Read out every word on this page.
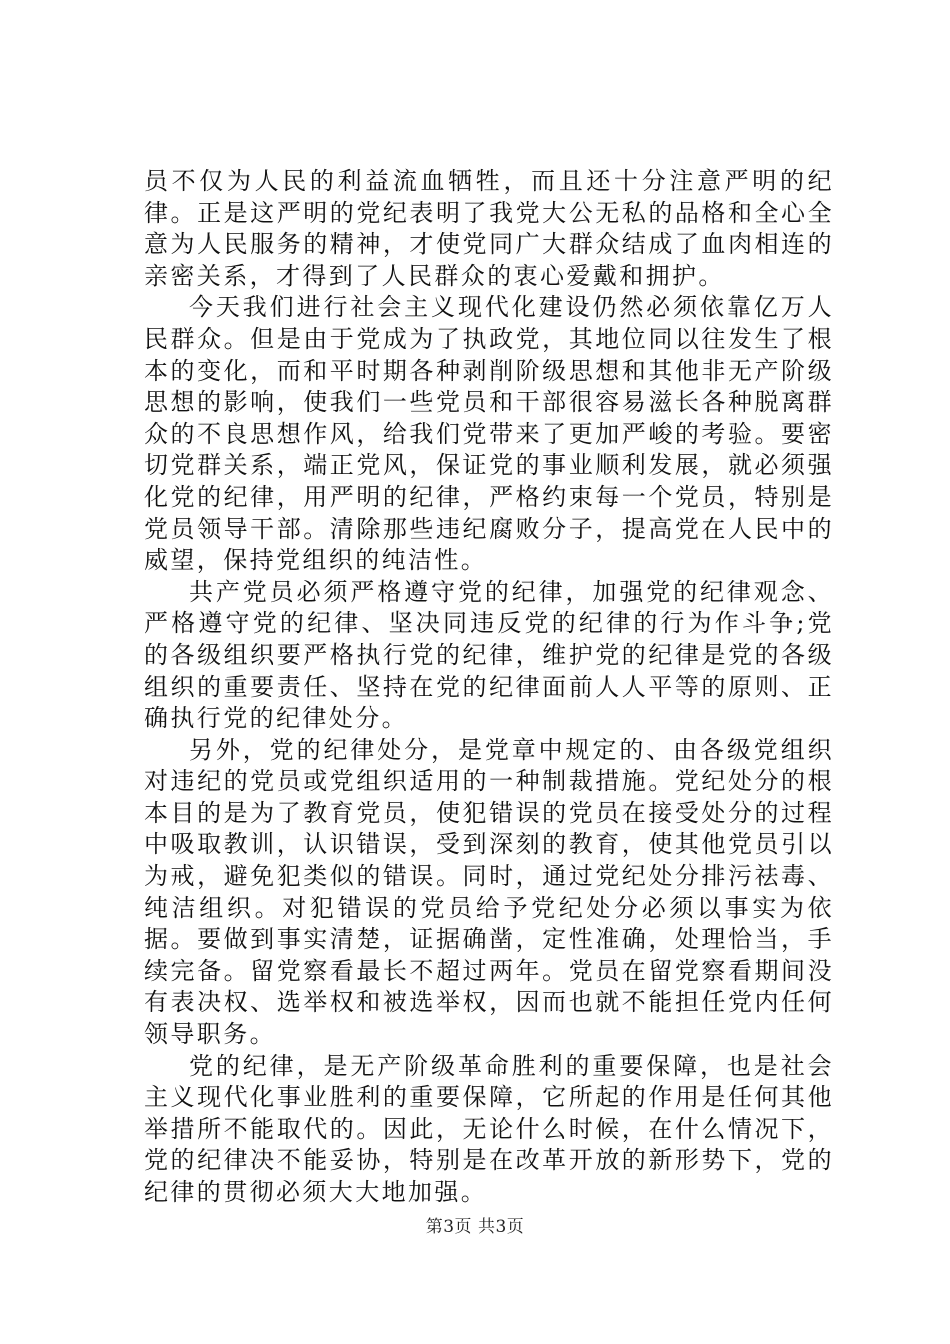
员不仅为人民的利益流血牺牲，而且还十分注意严明的纪律。正是这严明的党纪表明了我党大公无私的品格和全心全意为人民服务的精神，才使党同广大群众结成了血肉相连的亲密关系，才得到了人民群众的衷心爱戴和拥护。

今天我们进行社会主义现代化建设仍然必须依靠亿万人民群众。但是由于党成为了执政党，其地位同以往发生了根本的变化，而和平时期各种剥削阶级思想和其他非无产阶级思想的影响，使我们一些党员和干部很容易滋长各种脱离群众的不良思想作风，给我们党带来了更加严峻的考验。要密切党群关系，端正党风，保证党的事业顺利发展，就必须强化党的纪律，用严明的纪律，严格约束每一个党员，特别是党员领导干部。清除那些违纪腐败分子，提高党在人民中的威望，保持党组织的纯洁性。

共产党员必须严格遵守党的纪律，加强党的纪律观念、严格遵守党的纪律、坚决同违反党的纪律的行为作斗争;党的各级组织要严格执行党的纪律，维护党的纪律是党的各级组织的重要责任、坚持在党的纪律面前人人平等的原则、正确执行党的纪律处分。

另外，党的纪律处分，是党章中规定的、由各级党组织对违纪的党员或党组织适用的一种制裁措施。党纪处分的根本目的是为了教育党员，使犯错误的党员在接受处分的过程中吸取教训，认识错误，受到深刻的教育，使其他党员引以为戒，避免犯类似的错误。同时，通过党纪处分排污祛毒、纯洁组织。对犯错误的党员给予党纪处分必须以事实为依据。要做到事实清楚，证据确凿，定性准确，处理恰当，手续完备。留党察看最长不超过两年。党员在留党察看期间没有表决权、选举权和被选举权，因而也就不能担任党内任何领导职务。

党的纪律，是无产阶级革命胜利的重要保障，也是社会主义现代化事业胜利的重要保障，它所起的作用是任何其他举措所不能取代的。因此，无论什么时候，在什么情况下，党的纪律决不能妥协，特别是在改革开放的新形势下，党的纪律的贯彻必须大大地加强。

第3页 共3页
